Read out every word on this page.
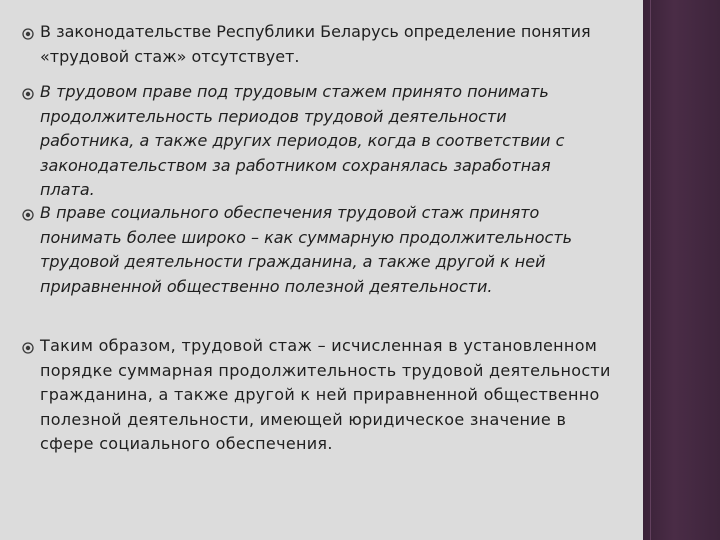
В законодательстве Республики Беларусь определение понятия
«трудовой стаж» отсутствует.
В трудовом праве под трудовым стажем принято понимать
продолжительность периодов трудовой деятельности
работника, а также других периодов, когда в соответствии с
законодательством за работником сохранялась заработная
плата.
В праве социального обеспечения трудовой стаж принято
понимать более широко – как суммарную продолжительность
трудовой деятельности гражданина, а также другой к ней
приравненной общественно полезной деятельности.
Таким образом, трудовой стаж – исчисленная в установленном
порядке суммарная продолжительность трудовой деятельности
гражданина, а также другой к ней приравненной общественно
полезной деятельности, имеющей юридическое значение в
сфере социального обеспечения.
